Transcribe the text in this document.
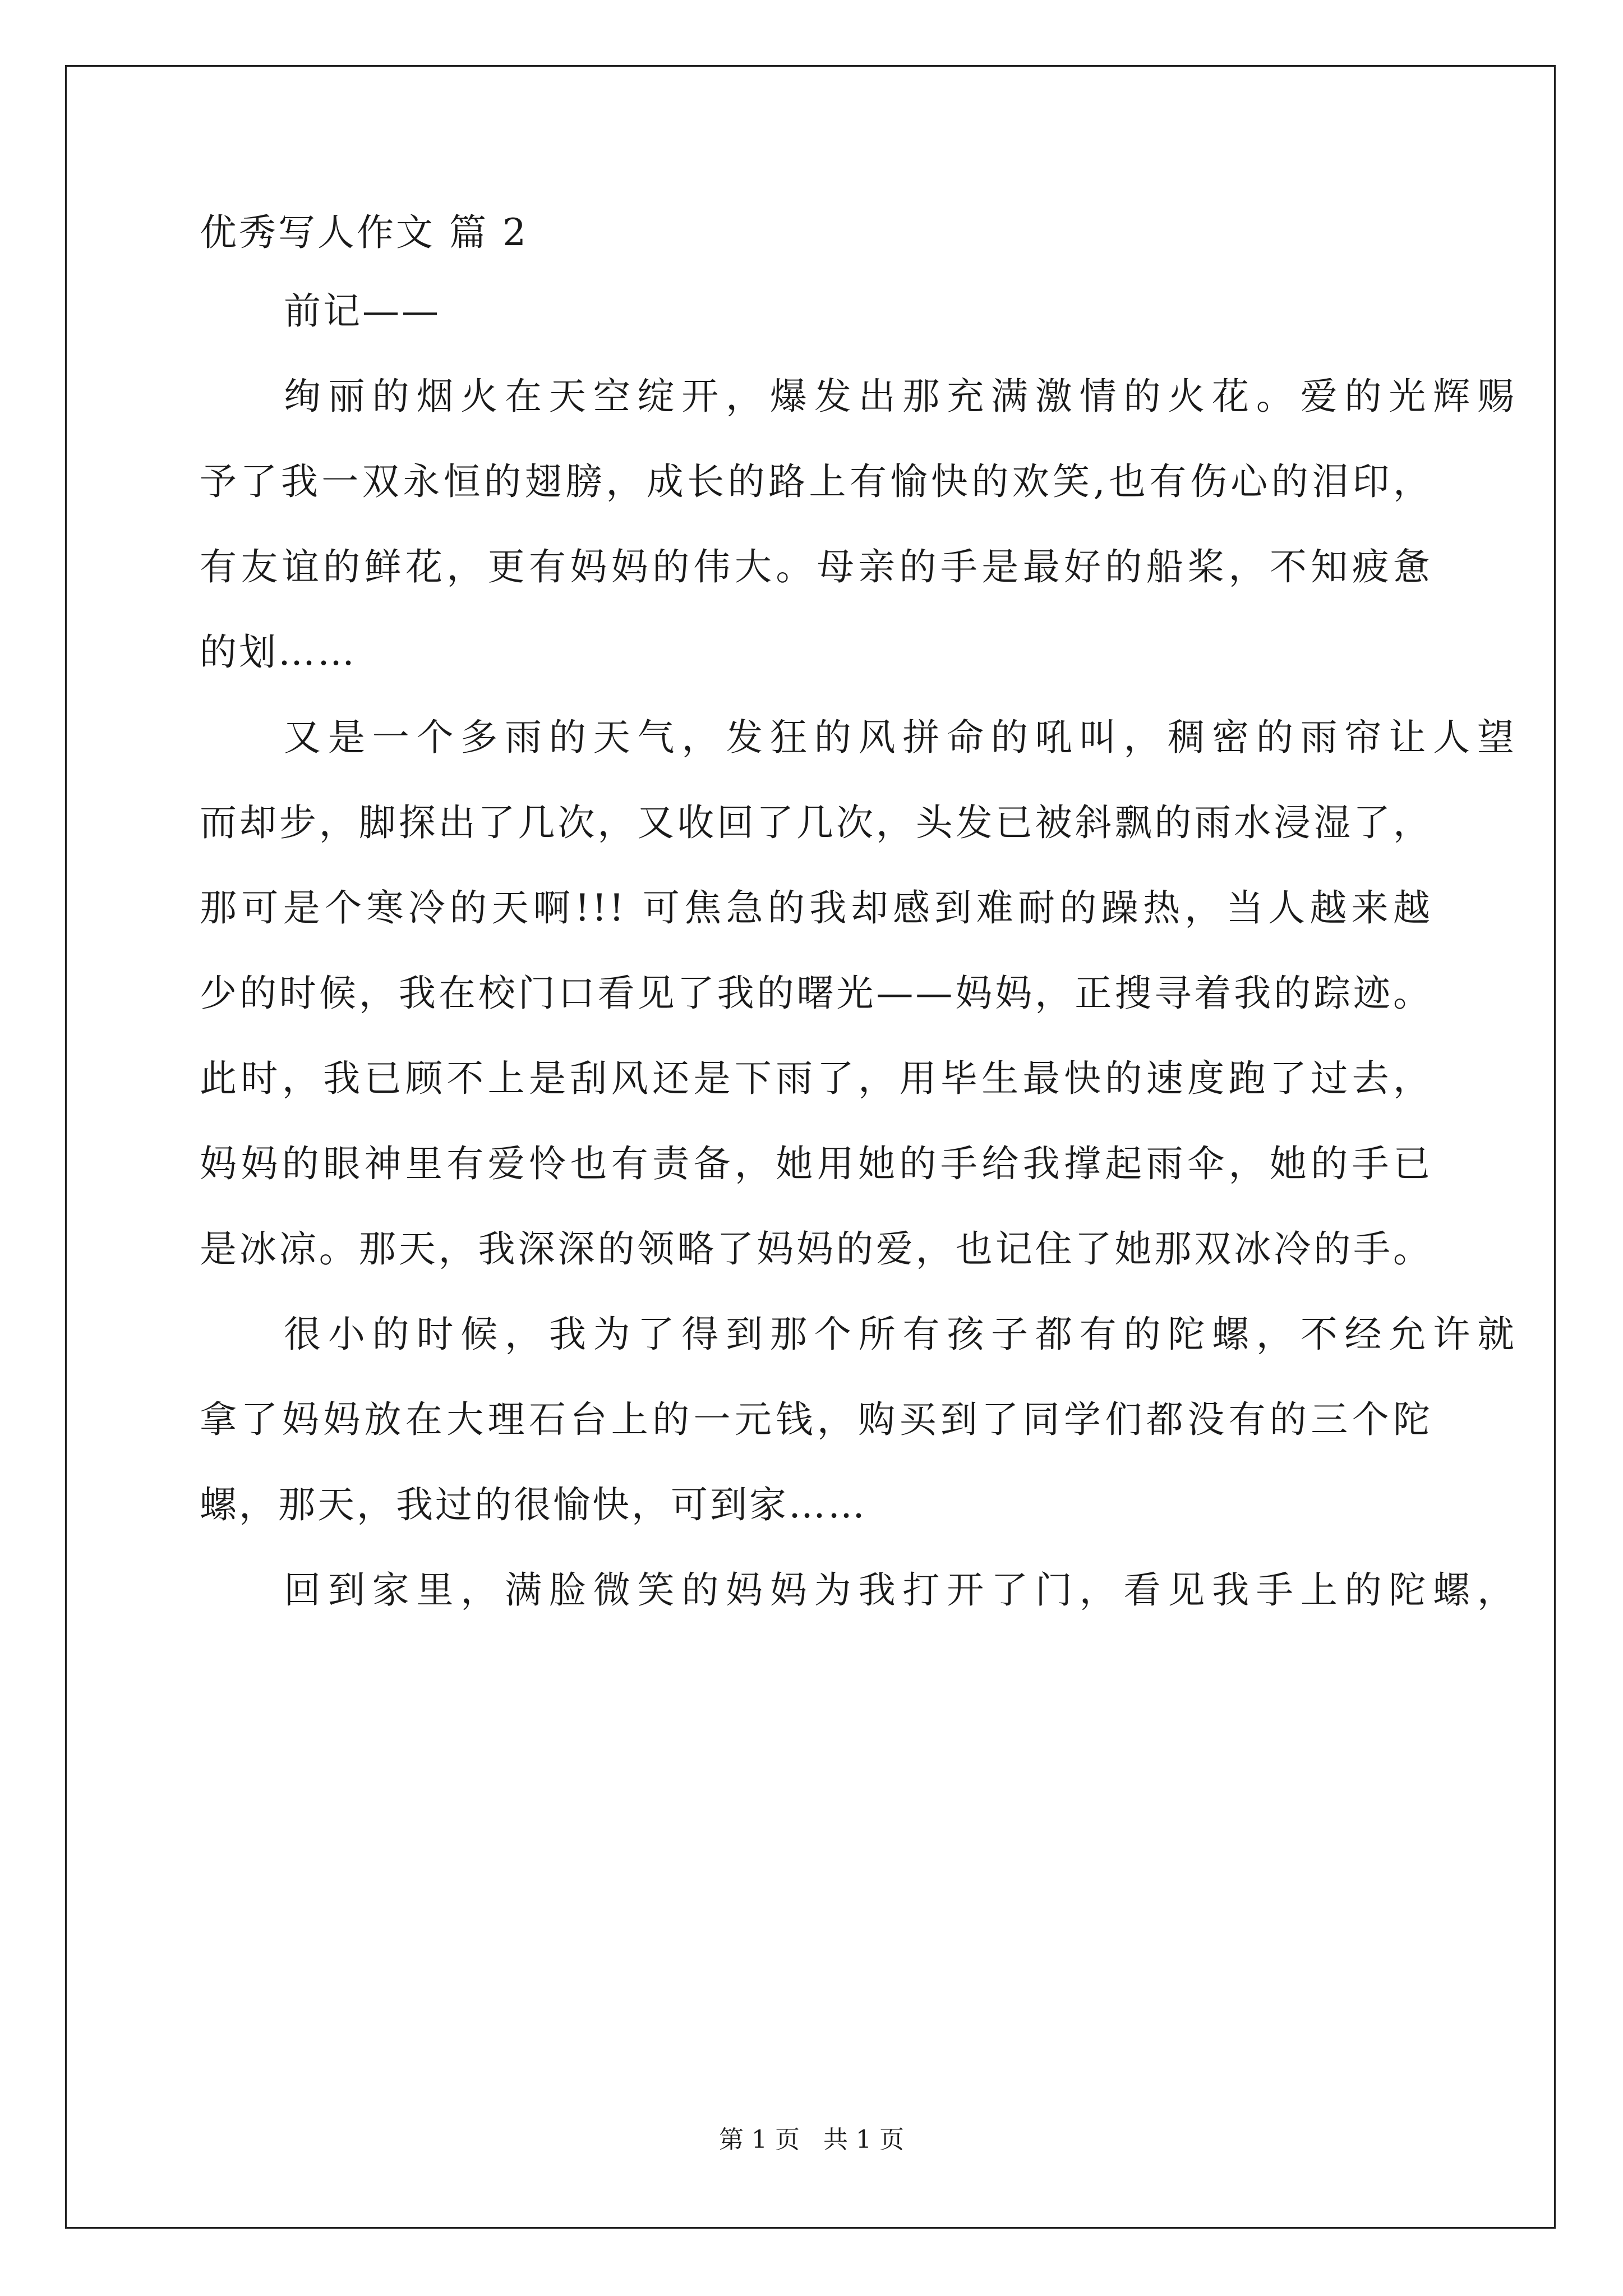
优秀写人作文 篇 2
前记——
绚丽的烟火在天空绽开，爆发出那充满激情的火花。爱的光辉赐
予了我一双永恒的翅膀，成长的路上有愉快的欢笑,也有伤心的泪印，
有友谊的鲜花，更有妈妈的伟大。母亲的手是最好的船桨，不知疲惫
的划……
又是一个多雨的天气，发狂的风拼命的吼叫，稠密的雨帘让人望
而却步，脚探出了几次，又收回了几次，头发已被斜飘的雨水浸湿了，
那可是个寒冷的天啊!!! 可焦急的我却感到难耐的躁热，当人越来越
少的时候，我在校门口看见了我的曙光——妈妈，正搜寻着我的踪迹。
此时，我已顾不上是刮风还是下雨了，用毕生最快的速度跑了过去，
妈妈的眼神里有爱怜也有责备，她用她的手给我撑起雨伞，她的手已
是冰凉。那天，我深深的领略了妈妈的爱，也记住了她那双冰冷的手。
很小的时候，我为了得到那个所有孩子都有的陀螺，不经允许就
拿了妈妈放在大理石台上的一元钱，购买到了同学们都没有的三个陀
螺，那天，我过的很愉快，可到家……
回到家里，满脸微笑的妈妈为我打开了门，看见我手上的陀螺，
第 1 页   共 1 页
